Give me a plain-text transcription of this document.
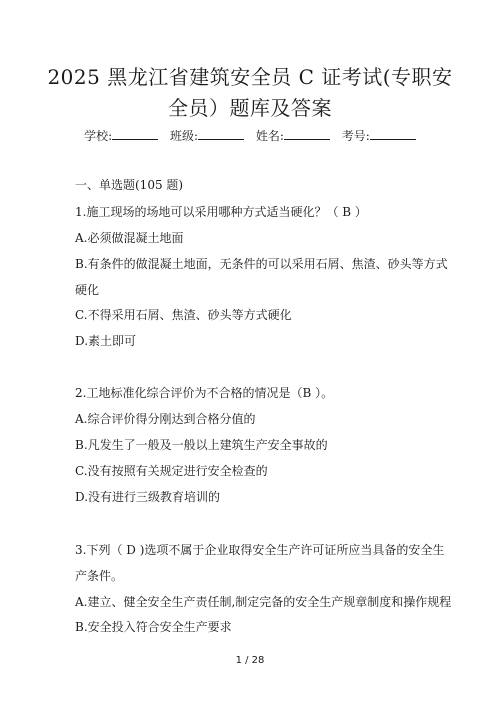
2025 黑龙江省建筑安全员 C 证考试(专职安
全员）题库及答案
学校:	班级:	姓名:	考号:
一、单选题(105 题)
1.施工现场的场地可以采用哪种方式适当硬化？（ B ）
A.必须做混凝土地面
B.有条件的做混凝土地面，无条件的可以采用石屑、焦渣、砂头等方式
硬化
C.不得采用石屑、焦渣、砂头等方式硬化
D.素土即可
2.工地标准化综合评价为不合格的情况是（B ）。
A.综合评价得分刚达到合格分值的
B.凡发生了一般及一般以上建筑生产安全事故的
C.没有按照有关规定进行安全检查的
D.没有进行三级教育培训的
3.下列（ D )选项不属于企业取得安全生产许可证所应当具备的安全生
产条件。
A.建立、健全安全生产责任制,制定完备的安全生产规章制度和操作规程
B.安全投入符合安全生产要求
1 / 28
